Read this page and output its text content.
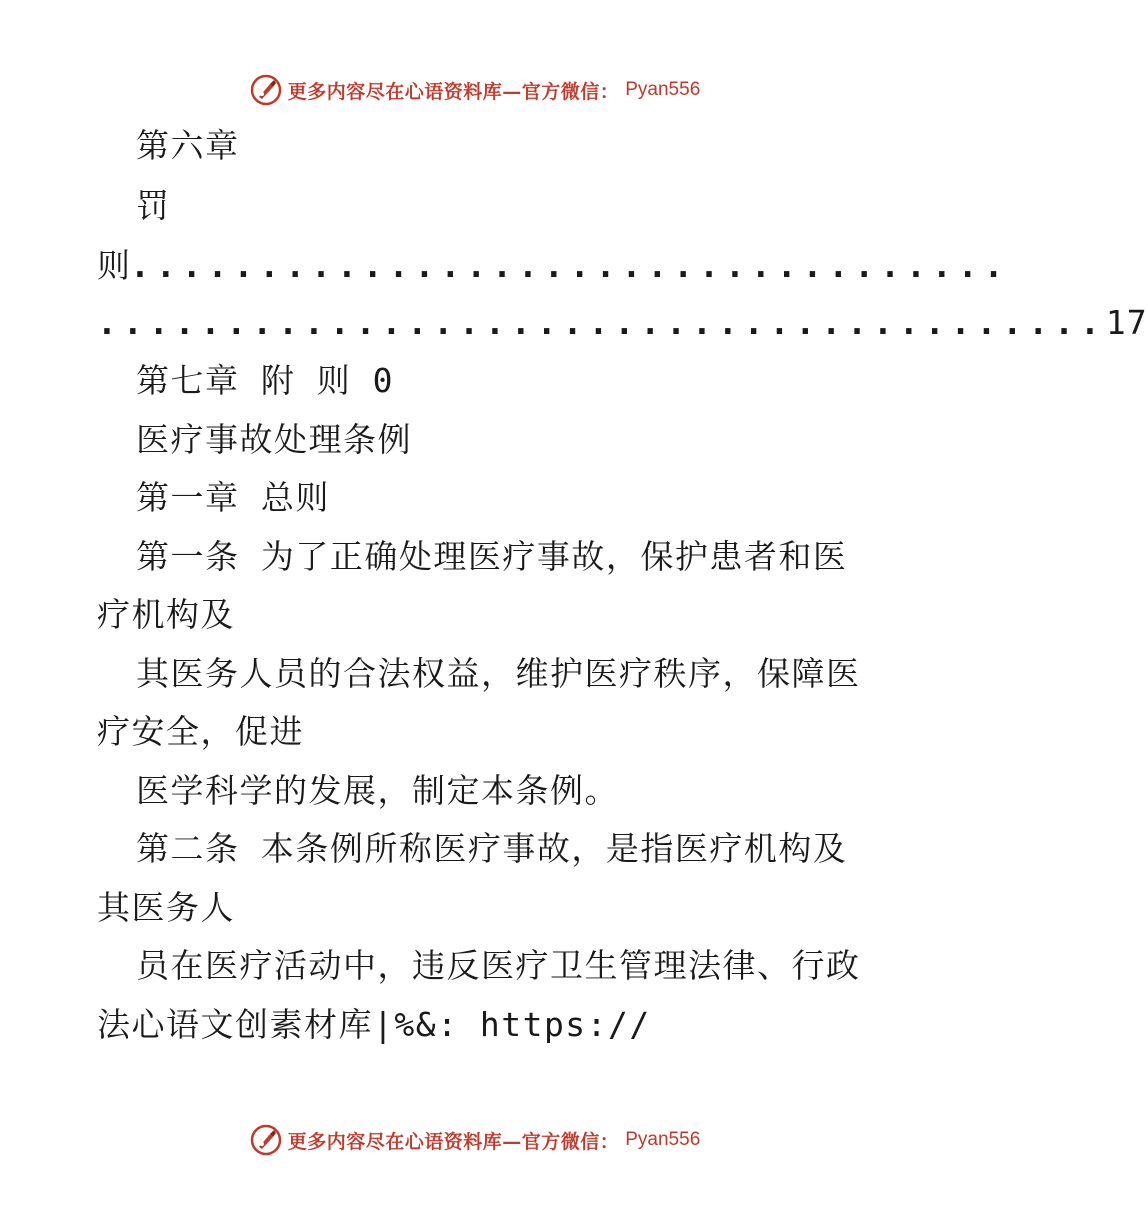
更多内容尽在心语资料库—官方微信： Pyan556
第六章
罚
则 ..................................
....................................... 17
第七章 附 则 0
医疗事故处理条例
第一章 总则
第一条 为了正确处理医疗事故，保护患者和医
疗机构及
其医务人员的合法权益，维护医疗秩序，保障医
疗安全，促进
医学科学的发展，制定本条例。
第二条 本条例所称医疗事故，是指医疗机构及
其医务人
员在医疗活动中，违反医疗卫生管理法律、行政
法心语文创素材库|%&: https://
更多内容尽在心语资料库—官方微信： Pyan556
